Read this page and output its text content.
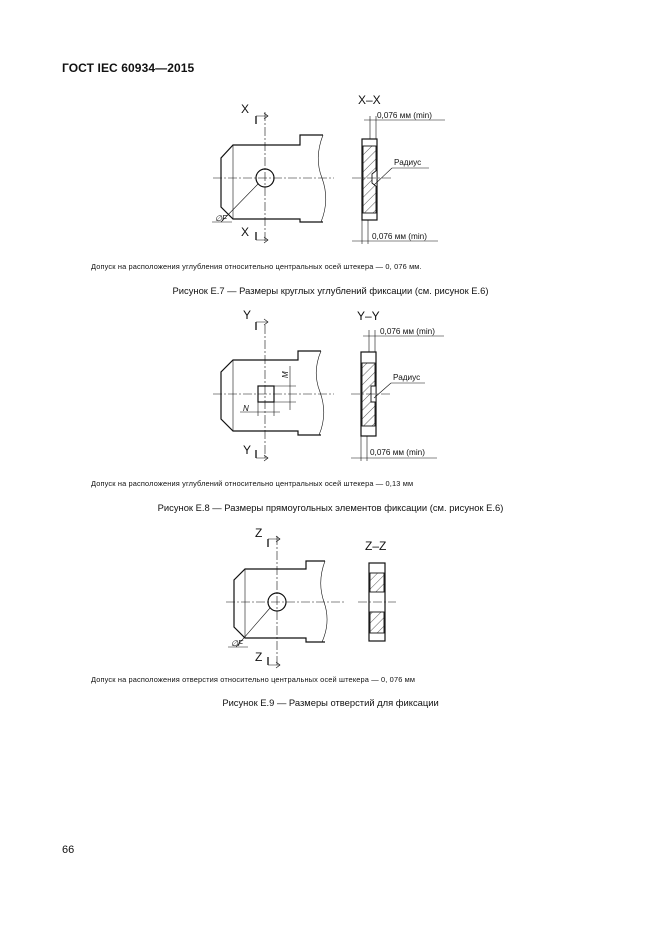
ГОСТ IEC 60934—2015
X
X
∅F
X–X
0,076 мм (min)
0,076 мм (min)
Радиус
Допуск на расположения углубления относительно центральных осей штекера — 0, 076 мм.
Рисунок E.7 — Размеры круглых углублений фиксации (см. рисунок E.6)
M
N
Y
Y
Y–Y
0,076 мм (min)
0,076 мм (min)
Радиус
Допуск на расположения углублений относительно центральных осей штекера — 0,13 мм
Рисунок E.8 — Размеры прямоугольных элементов фиксации (см. рисунок E.6)
Z
Z
∅F
Z–Z
Допуск на расположения отверстия относительно центральных осей штекера — 0, 076 мм
Рисунок E.9 — Размеры отверстий для фиксации
66
